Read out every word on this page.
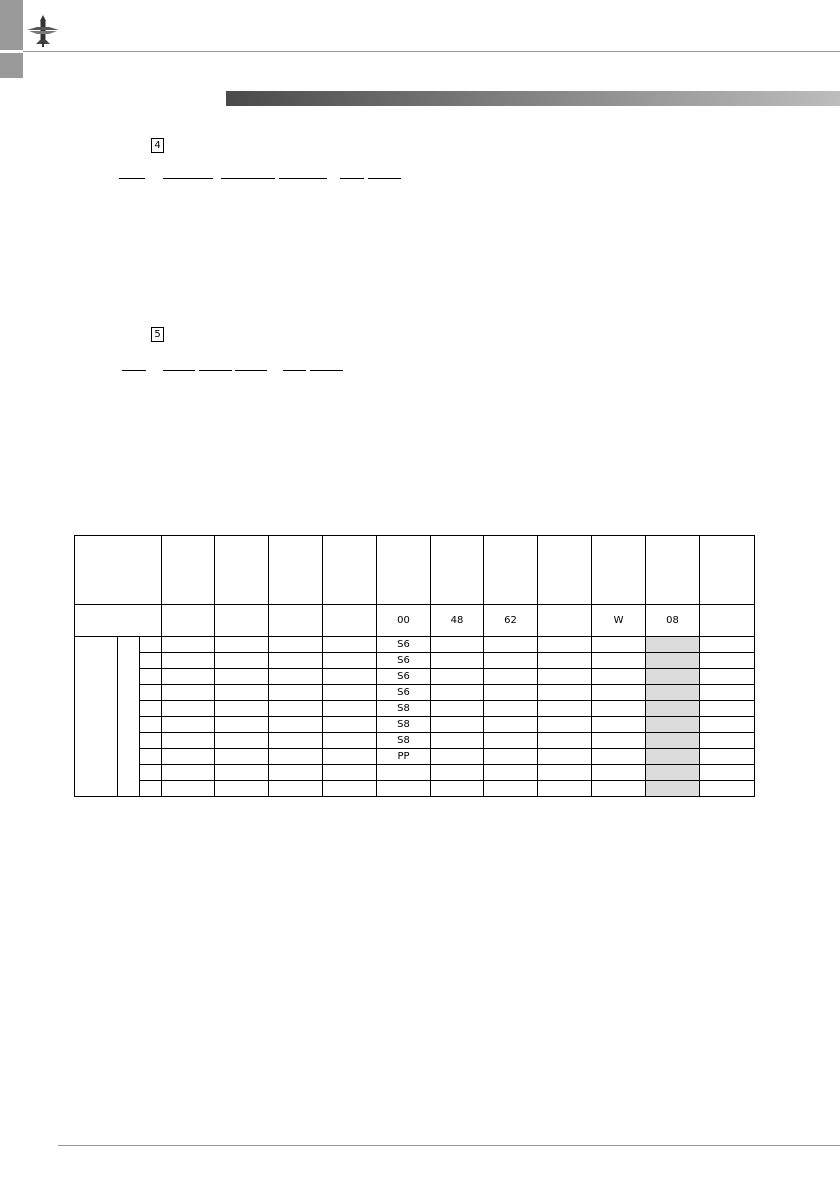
4
5

							00	48	62		W	08	
							S6						
							S6						
							S6						
							S6						
							S8						
							S8						
							S8						
							PP						
